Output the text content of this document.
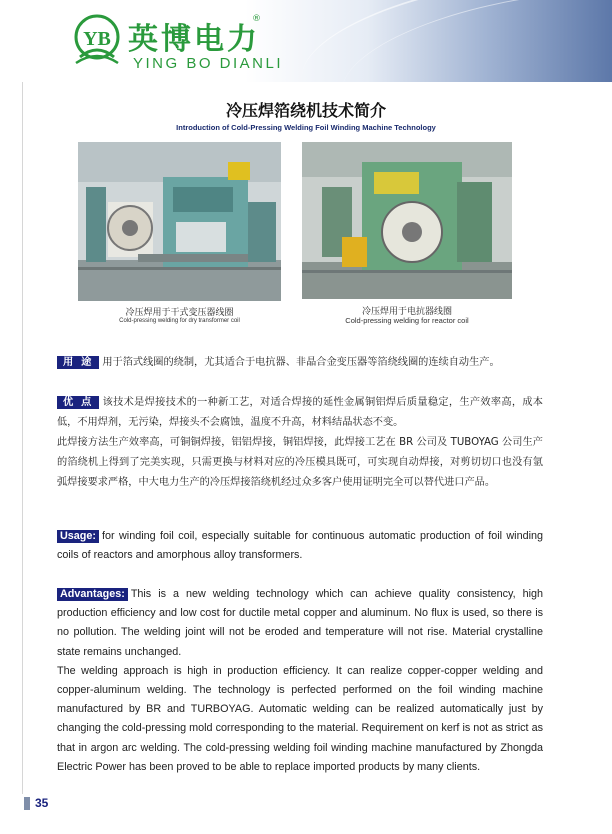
YB 英博电力
®
YING BO DIANLI
冷压焊箔绕机技术简介
Introduction of Cold-Pressing Welding Foil Winding Machine Technology
冷压焊用于干式变压器线圈
Cold-pressing welding for dry transformer coil
冷压焊用于电抗器线圈
Cold-pressing welding for reactor coil
用途 用于箔式线圈的绕制，尤其适合于电抗器、非晶合金变压器等箔绕线圈的连续自动生产。
优点 该技术是焊接技术的一种新工艺，对适合焊接的延性金属铜铝焊后质量稳定，生产效率高，成本低，不用焊剂，无污染，焊接头不会腐蚀，温度不升高，材料结晶状态不变。
此焊接方法生产效率高，可铜铜焊接，铝铝焊接，铜铝焊接，此焊接工艺在 BR 公司及 TUBOYAG 公司生产的箔绕机上得到了完美实现，只需更换与材料对应的冷压模具既可，可实现自动焊接，对剪切切口也没有氩弧焊接要求严格，中大电力生产的冷压焊接箔绕机经过众多客户使用证明完全可以替代进口产品。
Usage: for winding foil coil, especially suitable for continuous automatic production of foil winding coils of reactors and amorphous alloy transformers.
Advantages: This is a new welding technology which can achieve quality consistency, high production efficiency and low cost for ductile metal copper and aluminum. No flux is used, so there is no pollution. The welding joint will not be eroded and temperature will not rise. Material crystalline state remains unchanged.
The welding approach is high in production efficiency. It can realize copper-copper welding and copper-aluminum welding. The technology is perfected performed on the foil winding machine manufactured by BR and TURBOYAG. Automatic welding can be realized automatically just by changing the cold-pressing mold corresponding to the material. Requirement on kerf is not as strict as that in argon arc welding. The cold-pressing welding foil winding machine manufactured by Zhongda Electric Power has been proved to be able to replace imported products by many clients.
35
